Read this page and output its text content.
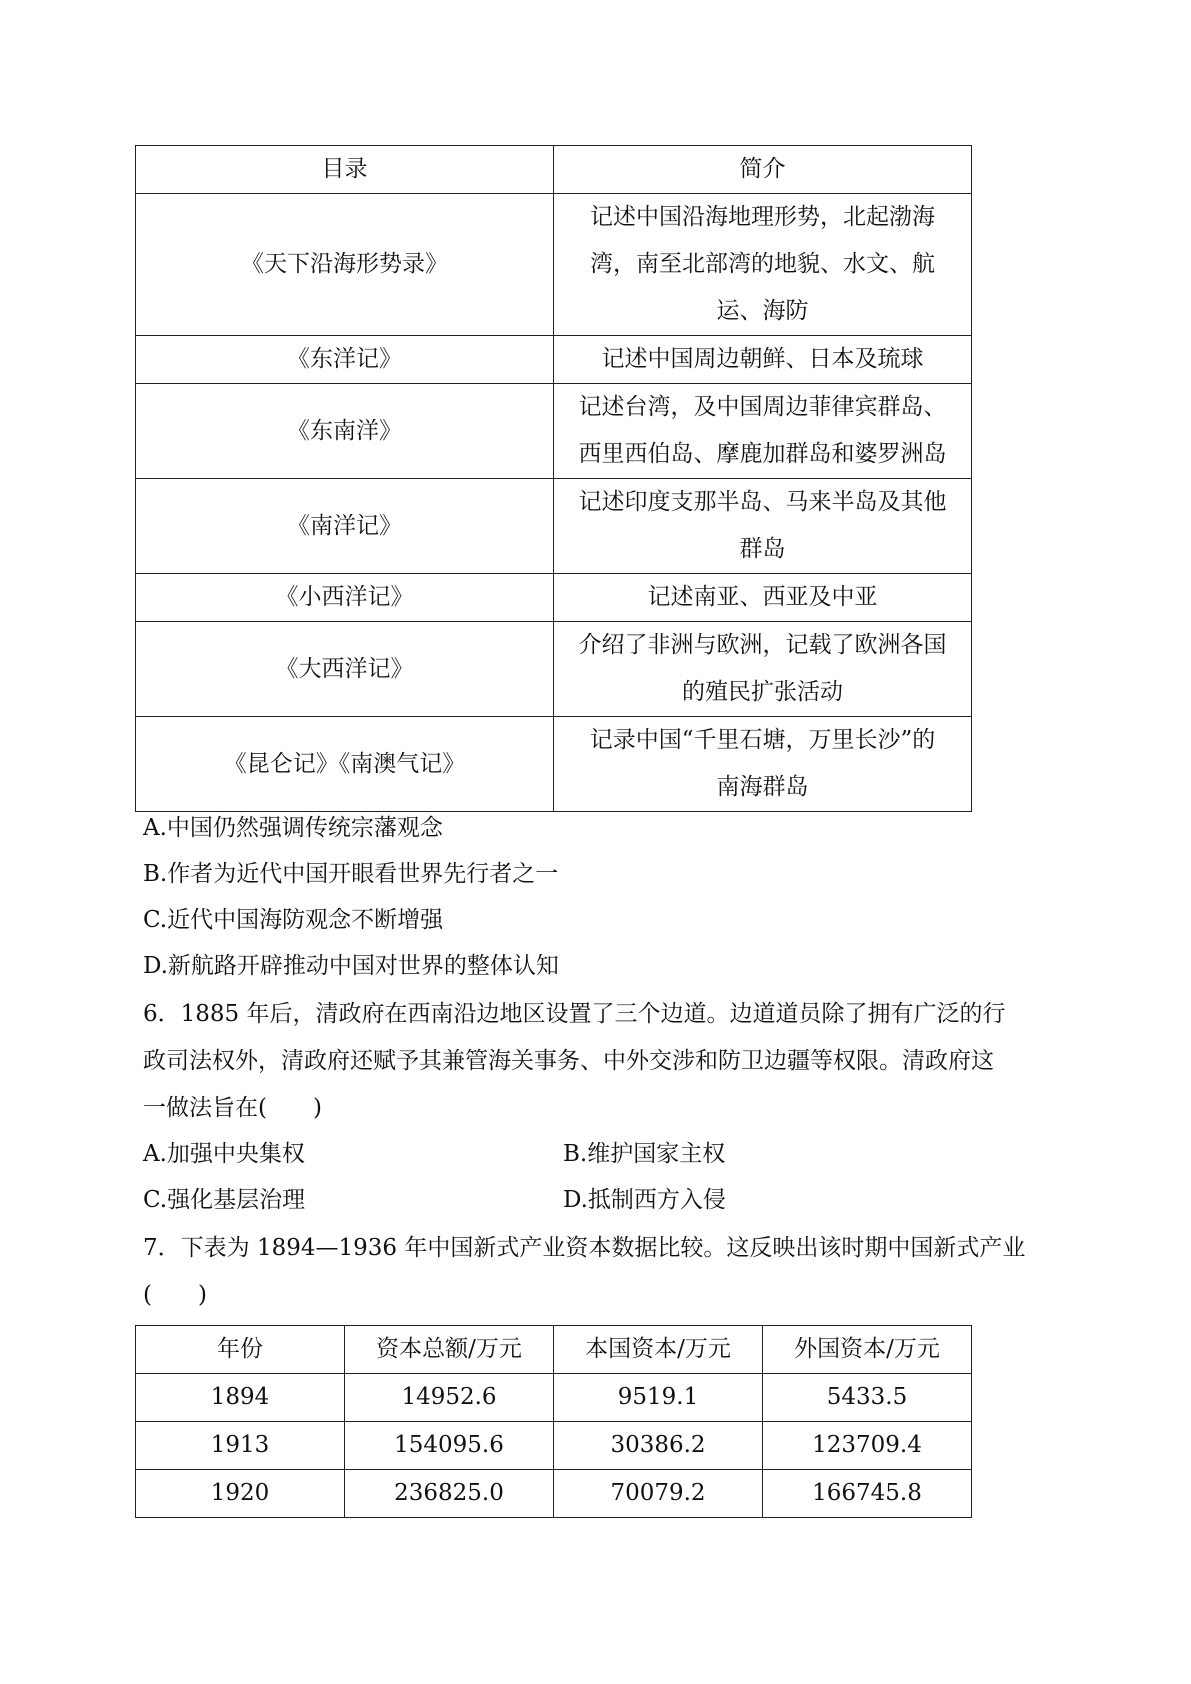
目录	简介
《天下沿海形势录》	记述中国沿海地理形势，北起渤海
湾，南至北部湾的地貌、水文、航
运、海防

《东洋记》	记述中国周边朝鲜、日本及琉球

《东南洋》	记述台湾，及中国周边菲律宾群岛、
西里西伯岛、摩鹿加群岛和婆罗洲岛

《南洋记》	记述印度支那半岛、马来半岛及其他
群岛

《小西洋记》	记述南亚、西亚及中亚

《大西洋记》	介绍了非洲与欧洲，记载了欧洲各国
的殖民扩张活动

《昆仑记》《南澳气记》	记录中国“千里石塘，万里长沙”的
南海群岛
A.中国仍然强调传统宗藩观念
B.作者为近代中国开眼看世界先行者之一
C.近代中国海防观念不断增强
D.新航路开辟推动中国对世界的整体认知
6．1885 年后，清政府在西南沿边地区设置了三个边道。边道道员除了拥有广泛的行
政司法权外，清政府还赋予其兼管海关事务、中外交涉和防卫边疆等权限。清政府这
一做法旨在(　　)
A.加强中央集权	B.维护国家主权
C.强化基层治理	D.抵制西方入侵
7．下表为 1894—1936 年中国新式产业资本数据比较。这反映出该时期中国新式产业
(　　)
年份	资本总额/万元	本国资本/万元	外国资本/万元
1894	14952.6	9519.1	5433.5
1913	154095.6	30386.2	123709.4
1920	236825.0	70079.2	166745.8
